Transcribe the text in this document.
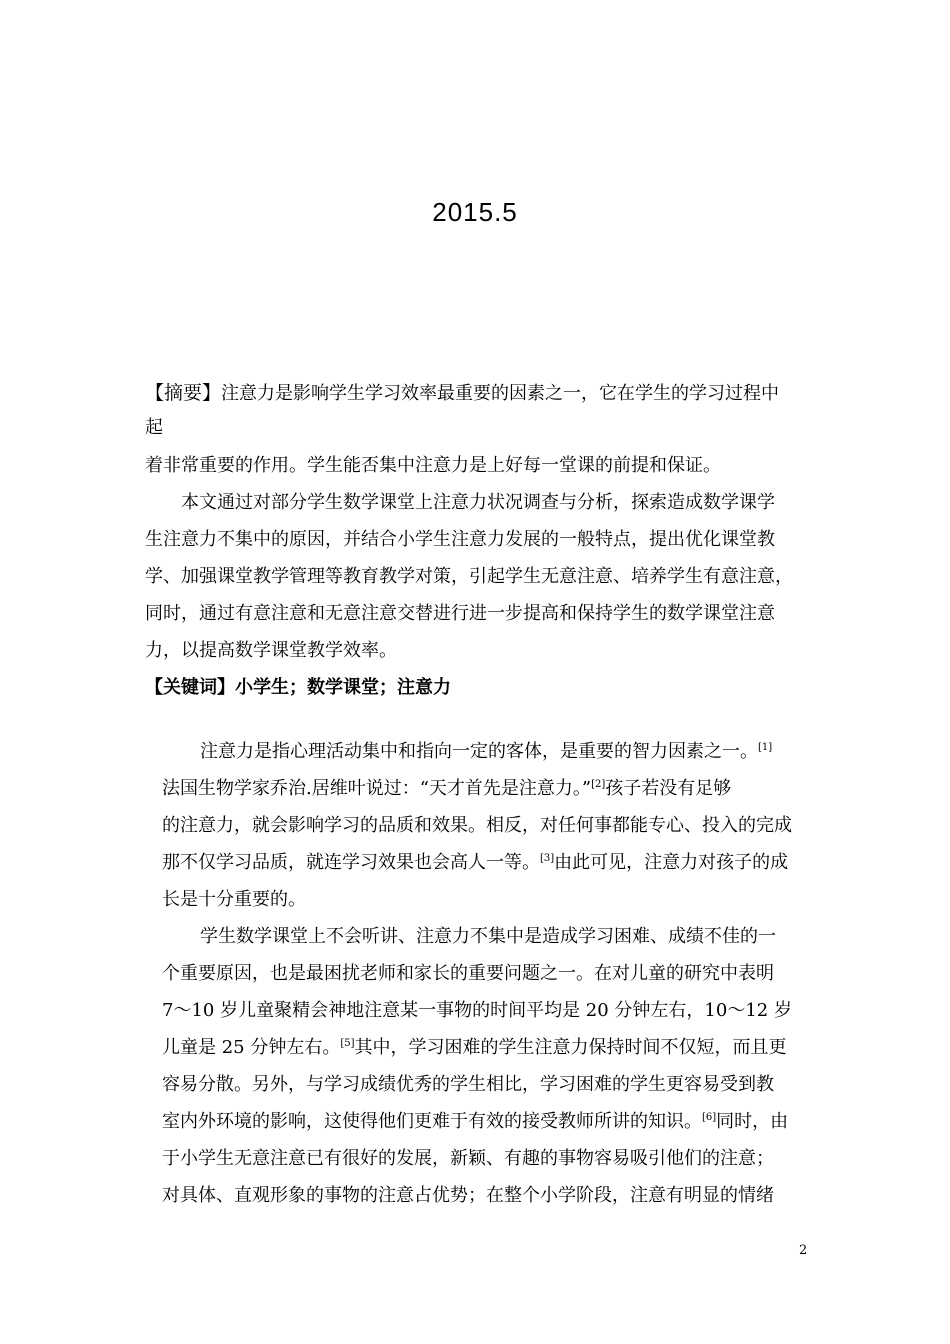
2015.5
【摘要】注意力是影响学生学习效率最重要的因素之一，它在学生的学习过程中
起
着非常重要的作用。学生能否集中注意力是上好每一堂课的前提和保证。
本文通过对部分学生数学课堂上注意力状况调查与分析，探索造成数学课学
生注意力不集中的原因，并结合小学生注意力发展的一般特点，提出优化课堂教
学、加强课堂教学管理等教育教学对策，引起学生无意注意、培养学生有意注意，
同时，通过有意注意和无意注意交替进行进一步提高和保持学生的数学课堂注意
力，以提高数学课堂教学效率。
【关键词】小学生；数学课堂；注意力
注意力是指心理活动集中和指向一定的客体，是重要的智力因素之一。[1]
法国生物学家乔治.居维叶说过：“天才首先是注意力。”[2]孩子若没有足够
的注意力，就会影响学习的品质和效果。相反，对任何事都能专心、投入的完成
那不仅学习品质，就连学习效果也会高人一等。[3]由此可见，注意力对孩子的成
长是十分重要的。
学生数学课堂上不会听讲、注意力不集中是造成学习困难、成绩不佳的一
个重要原因，也是最困扰老师和家长的重要问题之一。在对儿童的研究中表明
7～10 岁儿童聚精会神地注意某一事物的时间平均是 20 分钟左右，10～12 岁
儿童是 25 分钟左右。[5]其中，学习困难的学生注意力保持时间不仅短，而且更
容易分散。另外，与学习成绩优秀的学生相比，学习困难的学生更容易受到教
室内外环境的影响，这使得他们更难于有效的接受教师所讲的知识。[6]同时，由
于小学生无意注意已有很好的发展，新颖、有趣的事物容易吸引他们的注意；
对具体、直观形象的事物的注意占优势；在整个小学阶段，注意有明显的情绪
2
